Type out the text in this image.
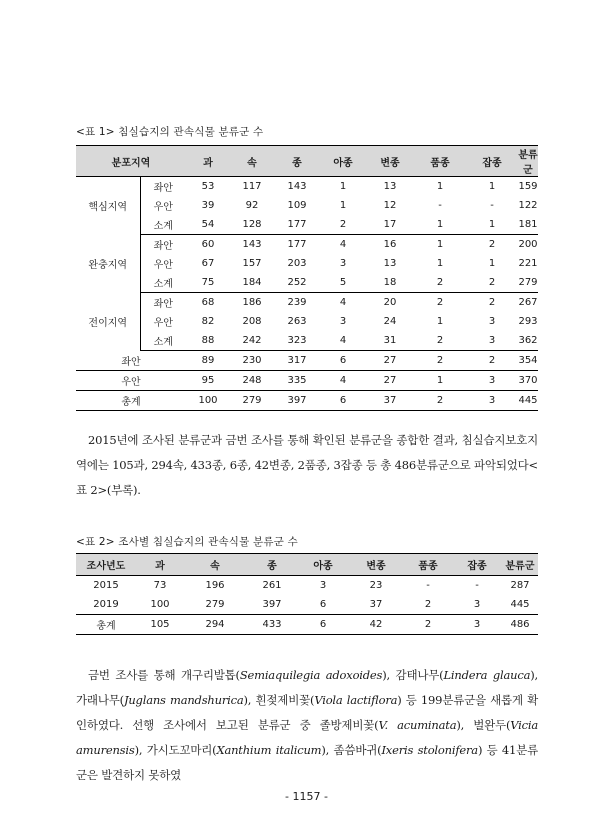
<표 1> 침실습지의 관속식물 분류군 수
분포지역		과	속	종	아종	변종	품종	잡종	분류군
핵심지역	좌안	53	117	143	1	13	1	1	159
	우안	39	92	109	1	12	-	-	122
	소계	54	128	177	2	17	1	1	181
완충지역	좌안	60	143	177	4	16	1	2	200
	우안	67	157	203	3	13	1	1	221
	소계	75	184	252	5	18	2	2	279
전이지역	좌안	68	186	239	4	20	2	2	267
	우안	82	208	263	3	24	1	3	293
	소계	88	242	323	4	31	2	3	362
좌안		89	230	317	6	27	2	2	354
우안		95	248	335	4	27	1	3	370
총계		100	279	397	6	37	2	3	445

2015년에 조사된 분류군과 금번 조사를 통해 확인된 분류군을 종합한 결과, 침실습지보호지역에는 105과, 294속, 433종, 6종, 42변종, 2품종, 3잡종 등 총 486분류군으로 파악되었다<표 2>(부록).

<표 2> 조사별 침실습지의 관속식물 분류군 수
조사년도	과	속	종	아종	변종	품종	잡종	분류군
2015	73	196	261	3	23	-	-	287
2019	100	279	397	6	37	2	3	445
총계	105	294	433	6	42	2	3	486

금번 조사를 통해 개구리발톱(Semiaquilegia adoxoides), 감태나무(Lindera glauca), 가래나무(Juglans mandshurica), 흰젖제비꽃(Viola lactiflora) 등 199분류군을 새롭게 확인하였다. 선행 조사에서 보고된 분류군 중 졸방제비꽃(V. acuminata), 벌완두(Vicia amurensis), 가시도꼬마리(Xanthium italicum), 좀씀바귀(Ixeris stolonifera) 등 41분류군은 발견하지 못하였

- 1157 -
